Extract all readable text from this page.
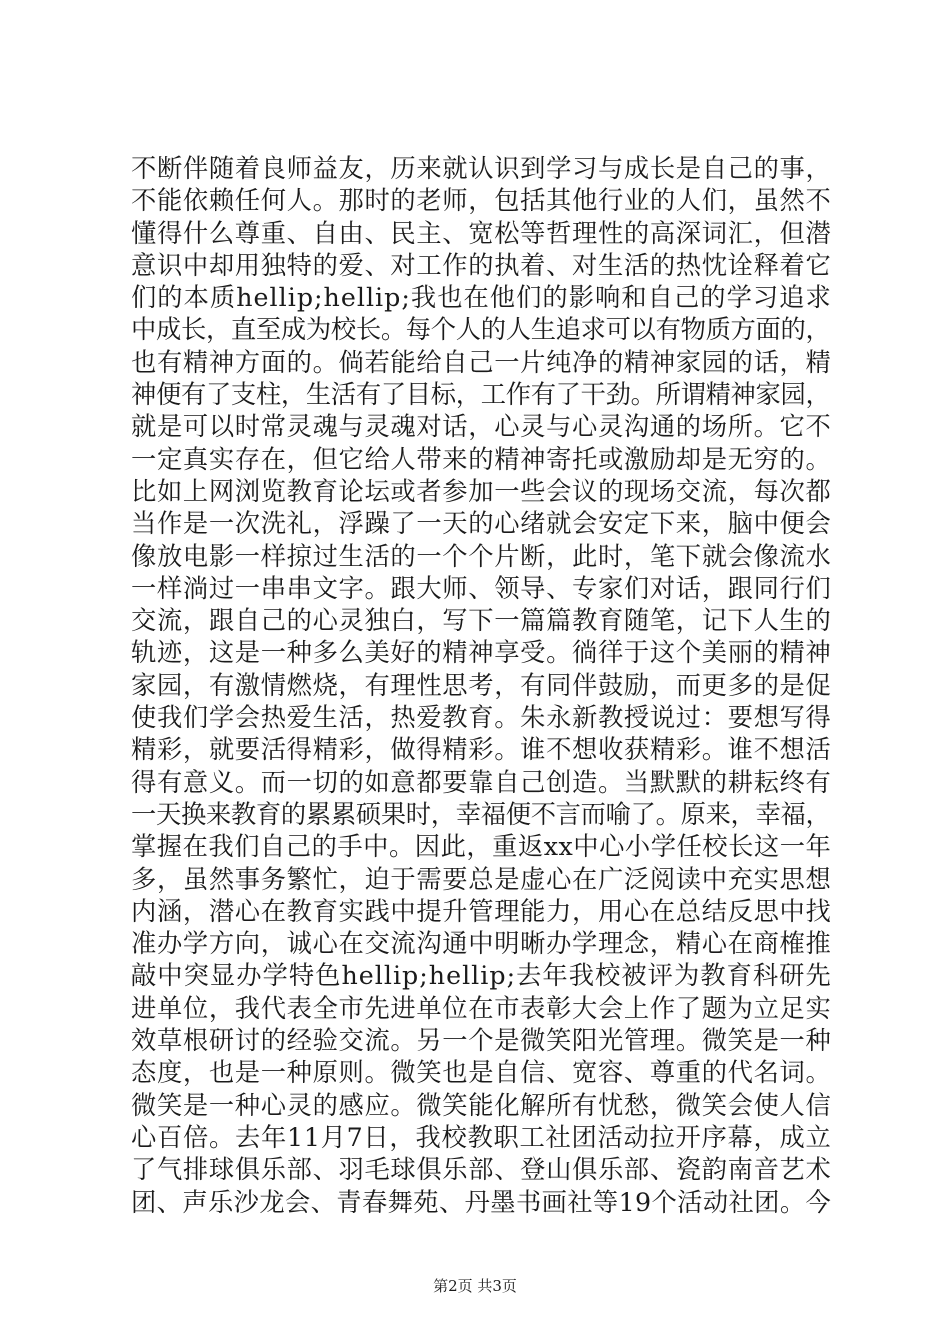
不断伴随着良师益友，历来就认识到学习与成长是自己的事，
不能依赖任何人。那时的老师，包括其他行业的人们，虽然不
懂得什么尊重、自由、民主、宽松等哲理性的高深词汇，但潜
意识中却用独特的爱、对工作的执着、对生活的热忱诠释着它
们的本质hellip;hellip;我也在他们的影响和自己的学习追求
中成长，直至成为校长。每个人的人生追求可以有物质方面的，
也有精神方面的。倘若能给自己一片纯净的精神家园的话，精
神便有了支柱，生活有了目标，工作有了干劲。所谓精神家园，
就是可以时常灵魂与灵魂对话，心灵与心灵沟通的场所。它不
一定真实存在，但它给人带来的精神寄托或激励却是无穷的。
比如上网浏览教育论坛或者参加一些会议的现场交流，每次都
当作是一次洗礼，浮躁了一天的心绪就会安定下来，脑中便会
像放电影一样掠过生活的一个个片断，此时，笔下就会像流水
一样淌过一串串文字。跟大师、领导、专家们对话，跟同行们
交流，跟自己的心灵独白，写下一篇篇教育随笔，记下人生的
轨迹，这是一种多么美好的精神享受。徜徉于这个美丽的精神
家园，有激情燃烧，有理性思考，有同伴鼓励，而更多的是促
使我们学会热爱生活，热爱教育。朱永新教授说过：要想写得
精彩，就要活得精彩，做得精彩。谁不想收获精彩。谁不想活
得有意义。而一切的如意都要靠自己创造。当默默的耕耘终有
一天换来教育的累累硕果时，幸福便不言而喻了。原来，幸福，
掌握在我们自己的手中。因此，重返xx中心小学任校长这一年
多，虽然事务繁忙，迫于需要总是虚心在广泛阅读中充实思想
内涵，潜心在教育实践中提升管理能力，用心在总结反思中找
准办学方向，诚心在交流沟通中明晰办学理念，精心在商榷推
敲中突显办学特色hellip;hellip;去年我校被评为教育科研先
进单位，我代表全市先进单位在市表彰大会上作了题为立足实
效草根研讨的经验交流。另一个是微笑阳光管理。微笑是一种
态度，也是一种原则。微笑也是自信、宽容、尊重的代名词。
微笑是一种心灵的感应。微笑能化解所有忧愁，微笑会使人信
心百倍。去年11月7日，我校教职工社团活动拉开序幕，成立
了气排球俱乐部、羽毛球俱乐部、登山俱乐部、瓷韵南音艺术
团、声乐沙龙会、青春舞苑、丹墨书画社等19个活动社团。今
第2页 共3页
